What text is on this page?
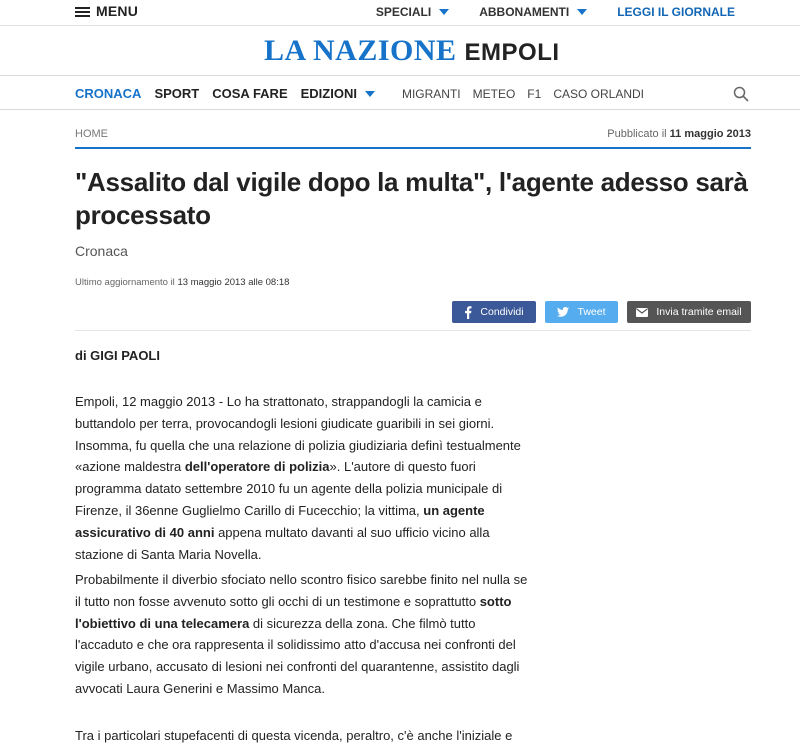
MENU	SPECIALI	ABBONAMENTI	LEGGI IL GIORNALE
LA NAZIONE EMPOLI
CRONACA SPORT COSA FARE EDIZIONI	MIGRANTI METEO F1 CASO ORLANDI
HOME	Pubblicato il 11 maggio 2013
"Assalito dal vigile dopo la multa", l'agente adesso sarà processato
Cronaca
Ultimo aggiornamento il 13 maggio 2013 alle 08:18
Condividi	Tweet	Invia tramite email
di GIGI PAOLI

Empoli, 12 maggio 2013 - Lo ha strattonato, strappandogli la camicia e buttandolo per terra, provocandogli lesioni giudicate guaribili in sei giorni. Insomma, fu quella che una relazione di polizia giudiziaria definì testualmente «azione maldestra dell'operatore di polizia». L'autore di questo fuori programma datato settembre 2010 fu un agente della polizia municipale di Firenze, il 36enne Guglielmo Carillo di Fucecchio; la vittima, un agente assicurativo di 40 anni appena multato davanti al suo ufficio vicino alla stazione di Santa Maria Novella.

Probabilmente il diverbio sfociato nello scontro fisico sarebbe finito nel nulla se il tutto non fosse avvenuto sotto gli occhi di un testimone e soprattutto sotto l'obiettivo di una telecamera di sicurezza della zona. Che filmò tutto l'accaduto e che ora rappresenta il solidissimo atto d'accusa nei confronti del vigile urbano, accusato di lesioni nei confronti del quarantenne, assistito dagli avvocati Laura Generini e Massimo Manca.

Tra i particolari stupefacenti di questa vicenda, peraltro, c'è anche l'iniziale e
